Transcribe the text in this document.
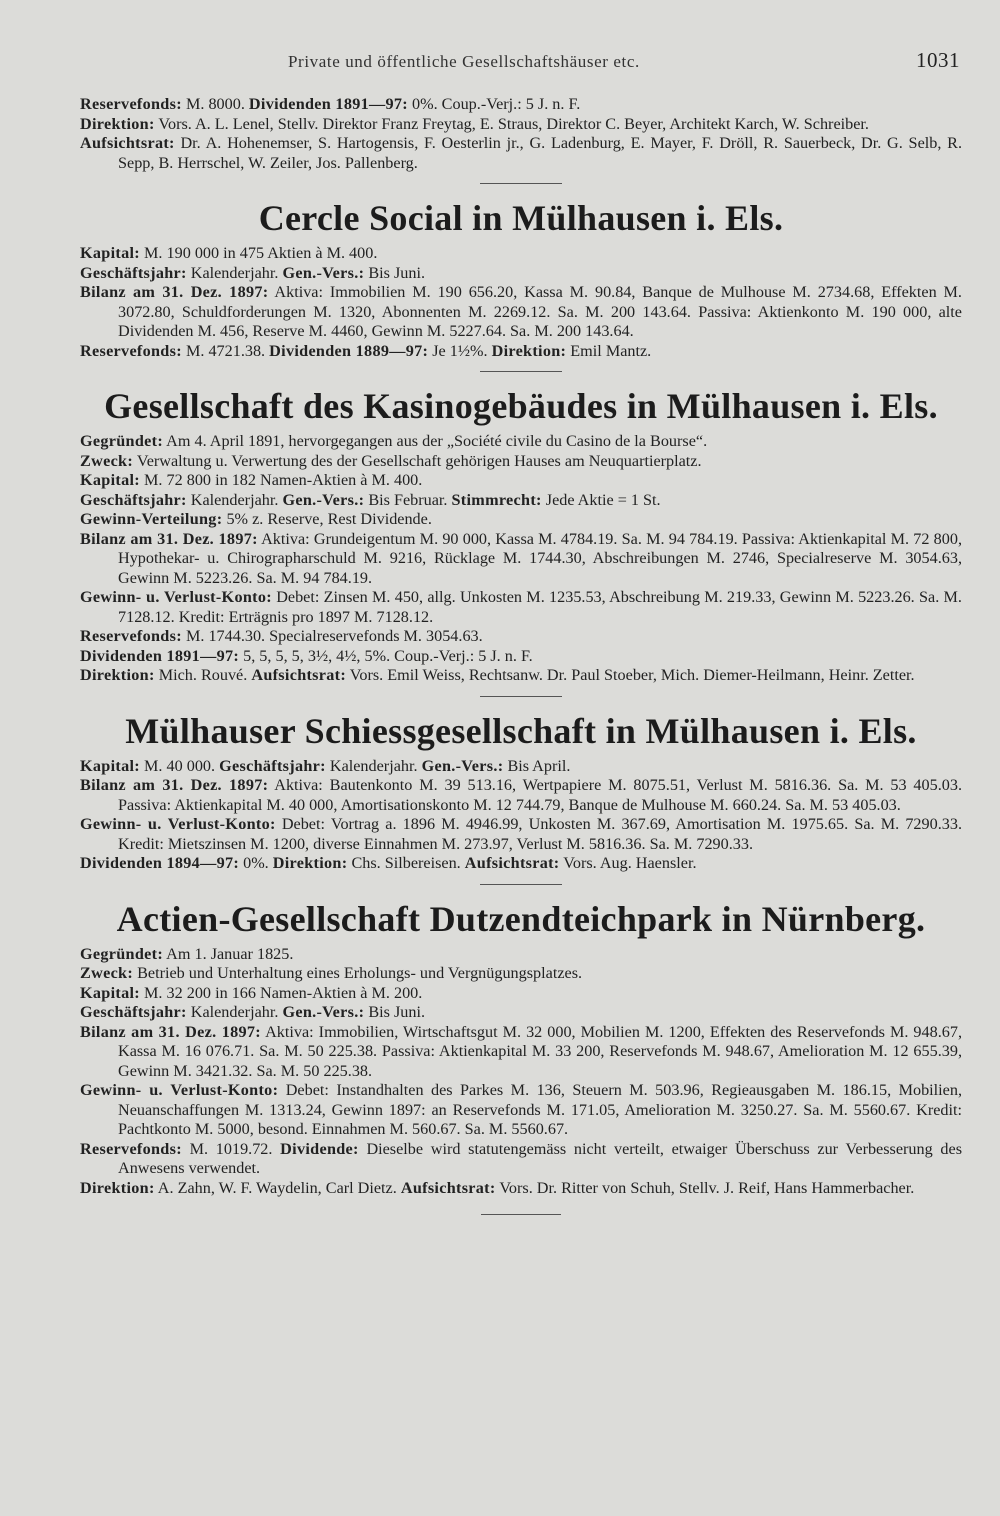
Private und öffentliche Gesellschaftshäuser etc.	1031

Reservefonds: M. 8000. Dividenden 1891—97: 0%. Coup.-Verj.: 5 J. n. F.

Direktion: Vors. A. L. Lenel, Stellv. Direktor Franz Freytag, E. Straus, Direktor C. Beyer, Architekt Karch, W. Schreiber.

Aufsichtsrat: Dr. A. Hohenemser, S. Hartogensis, F. Oesterlin jr., G. Ladenburg, E. Mayer, F. Dröll, R. Sauerbeck, Dr. G. Selb, R. Sepp, B. Herrschel, W. Zeiler, Jos. Pallenberg.

Cercle Social in Mülhausen i. Els.

Kapital: M. 190 000 in 475 Aktien à M. 400.

Geschäftsjahr: Kalenderjahr. Gen.-Vers.: Bis Juni.

Bilanz am 31. Dez. 1897: Aktiva: Immobilien M. 190 656.20, Kassa M. 90.84, Banque de Mulhouse M. 2734.68, Effekten M. 3072.80, Schuldforderungen M. 1320, Abonnenten M. 2269.12. Sa. M. 200 143.64. Passiva: Aktienkonto M. 190 000, alte Dividenden M. 456, Reserve M. 4460, Gewinn M. 5227.64. Sa. M. 200 143.64.

Reservefonds: M. 4721.38. Dividenden 1889—97: Je 1½%. Direktion: Emil Mantz.

Gesellschaft des Kasinogebäudes in Mülhausen i. Els.

Gegründet: Am 4. April 1891, hervorgegangen aus der „Société civile du Casino de la Bourse“.

Zweck: Verwaltung u. Verwertung des der Gesellschaft gehörigen Hauses am Neuquartierplatz.

Kapital: M. 72 800 in 182 Namen-Aktien à M. 400.

Geschäftsjahr: Kalenderjahr. Gen.-Vers.: Bis Februar. Stimmrecht: Jede Aktie = 1 St.

Gewinn-Verteilung: 5% z. Reserve, Rest Dividende.

Bilanz am 31. Dez. 1897: Aktiva: Grundeigentum M. 90 000, Kassa M. 4784.19. Sa. M. 94 784.19. Passiva: Aktienkapital M. 72 800, Hypothekar- u. Chirographarschuld M. 9216, Rücklage M. 1744.30, Abschreibungen M. 2746, Specialreserve M. 3054.63, Gewinn M. 5223.26. Sa. M. 94 784.19.

Gewinn- u. Verlust-Konto: Debet: Zinsen M. 450, allg. Unkosten M. 1235.53, Abschreibung M. 219.33, Gewinn M. 5223.26. Sa. M. 7128.12. Kredit: Erträgnis pro 1897 M. 7128.12.

Reservefonds: M. 1744.30. Specialreservefonds M. 3054.63.

Dividenden 1891—97: 5, 5, 5, 5, 3½, 4½, 5%. Coup.-Verj.: 5 J. n. F.

Direktion: Mich. Rouvé. Aufsichtsrat: Vors. Emil Weiss, Rechtsanw. Dr. Paul Stoeber, Mich. Diemer-Heilmann, Heinr. Zetter.

Mülhauser Schiessgesellschaft in Mülhausen i. Els.

Kapital: M. 40 000. Geschäftsjahr: Kalenderjahr. Gen.-Vers.: Bis April.

Bilanz am 31. Dez. 1897: Aktiva: Bautenkonto M. 39 513.16, Wertpapiere M. 8075.51, Verlust M. 5816.36. Sa. M. 53 405.03. Passiva: Aktienkapital M. 40 000, Amortisationskonto M. 12 744.79, Banque de Mulhouse M. 660.24. Sa. M. 53 405.03.

Gewinn- u. Verlust-Konto: Debet: Vortrag a. 1896 M. 4946.99, Unkosten M. 367.69, Amortisation M. 1975.65. Sa. M. 7290.33. Kredit: Mietszinsen M. 1200, diverse Einnahmen M. 273.97, Verlust M. 5816.36. Sa. M. 7290.33.

Dividenden 1894—97: 0%. Direktion: Chs. Silbereisen. Aufsichtsrat: Vors. Aug. Haensler.

Actien-Gesellschaft Dutzendteichpark in Nürnberg.

Gegründet: Am 1. Januar 1825.

Zweck: Betrieb und Unterhaltung eines Erholungs- und Vergnügungsplatzes.

Kapital: M. 32 200 in 166 Namen-Aktien à M. 200.

Geschäftsjahr: Kalenderjahr. Gen.-Vers.: Bis Juni.

Bilanz am 31. Dez. 1897: Aktiva: Immobilien, Wirtschaftsgut M. 32 000, Mobilien M. 1200, Effekten des Reservefonds M. 948.67, Kassa M. 16 076.71. Sa. M. 50 225.38. Passiva: Aktienkapital M. 33 200, Reservefonds M. 948.67, Amelioration M. 12 655.39, Gewinn M. 3421.32. Sa. M. 50 225.38.

Gewinn- u. Verlust-Konto: Debet: Instandhalten des Parkes M. 136, Steuern M. 503.96, Regieausgaben M. 186.15, Mobilien, Neuanschaffungen M. 1313.24, Gewinn 1897: an Reservefonds M. 171.05, Amelioration M. 3250.27. Sa. M. 5560.67. Kredit: Pachtkonto M. 5000, besond. Einnahmen M. 560.67. Sa. M. 5560.67.

Reservefonds: M. 1019.72. Dividende: Dieselbe wird statutengemäss nicht verteilt, etwaiger Überschuss zur Verbesserung des Anwesens verwendet.

Direktion: A. Zahn, W. F. Waydelin, Carl Dietz. Aufsichtsrat: Vors. Dr. Ritter von Schuh, Stellv. J. Reif, Hans Hammerbacher.
